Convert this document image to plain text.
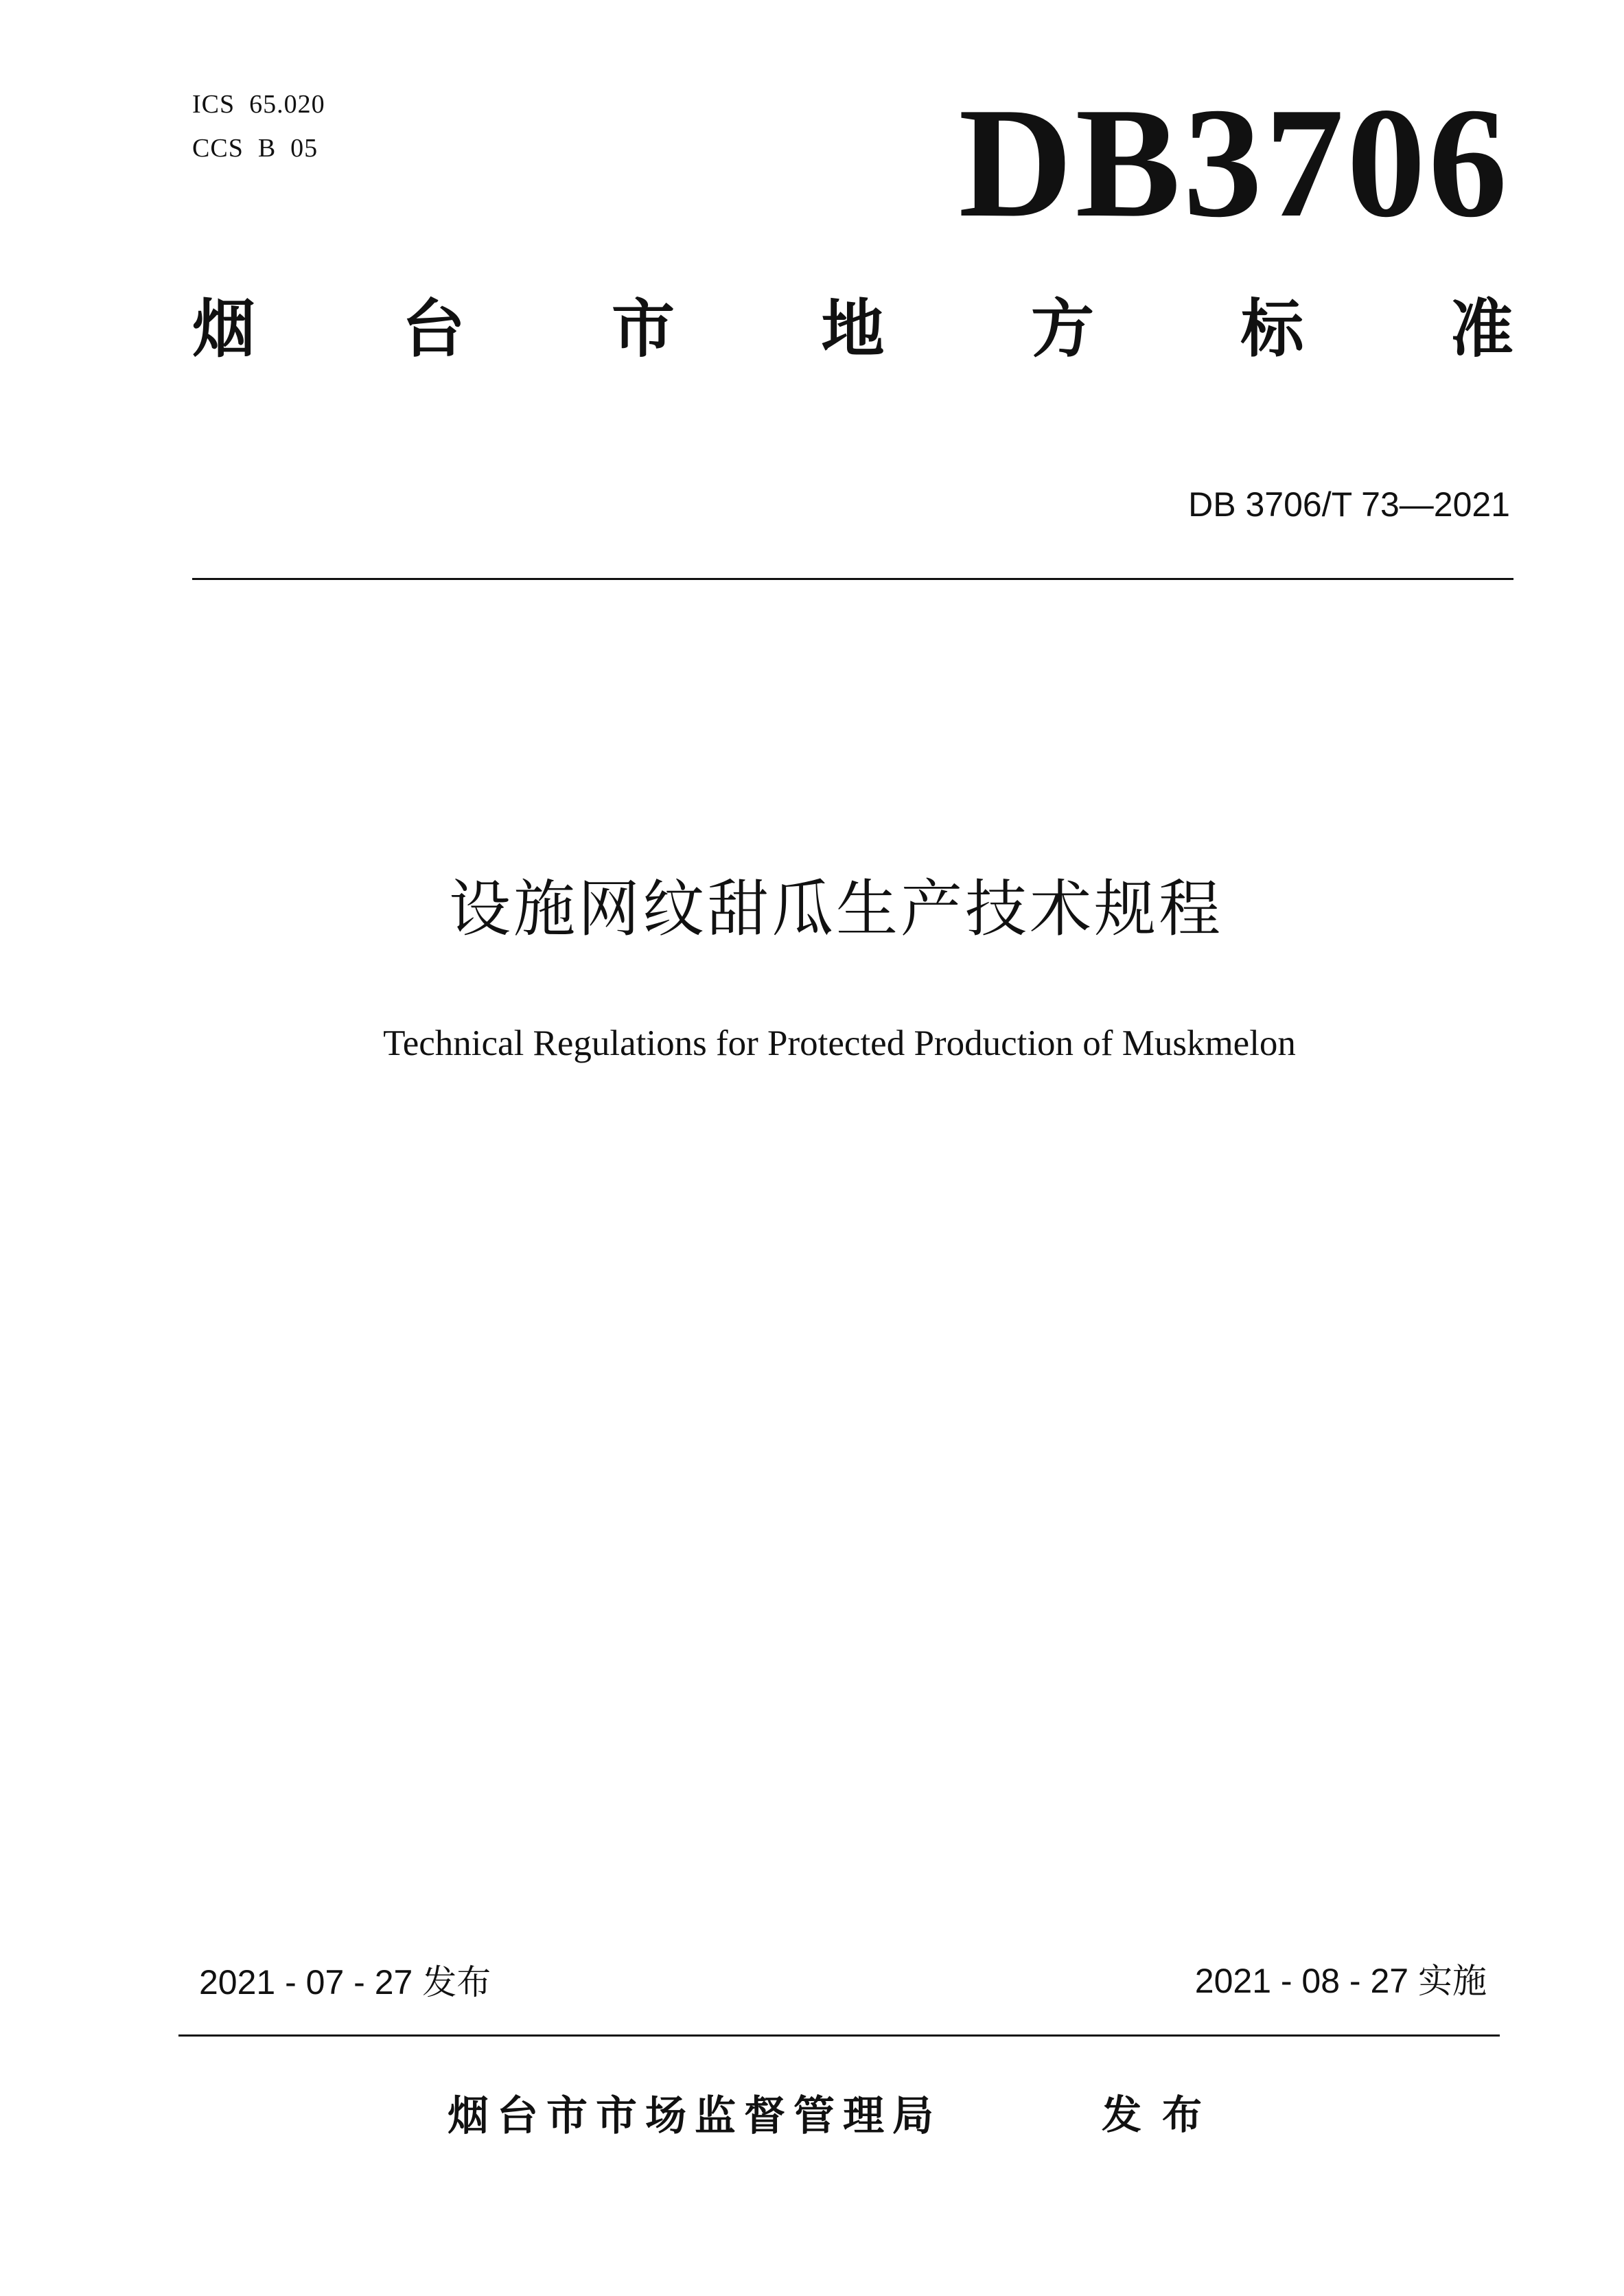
ICS  65.020
CCS  B  05	DB3706
烟 台 市 地 方 标 准
DB 3706/T 73—2021
设施网纹甜瓜生产技术规程
Technical Regulations for Protected Production of Muskmelon
2021 - 07 - 27 发布	2021 - 08 - 27 实施
烟台市市场监督管理局	发布
